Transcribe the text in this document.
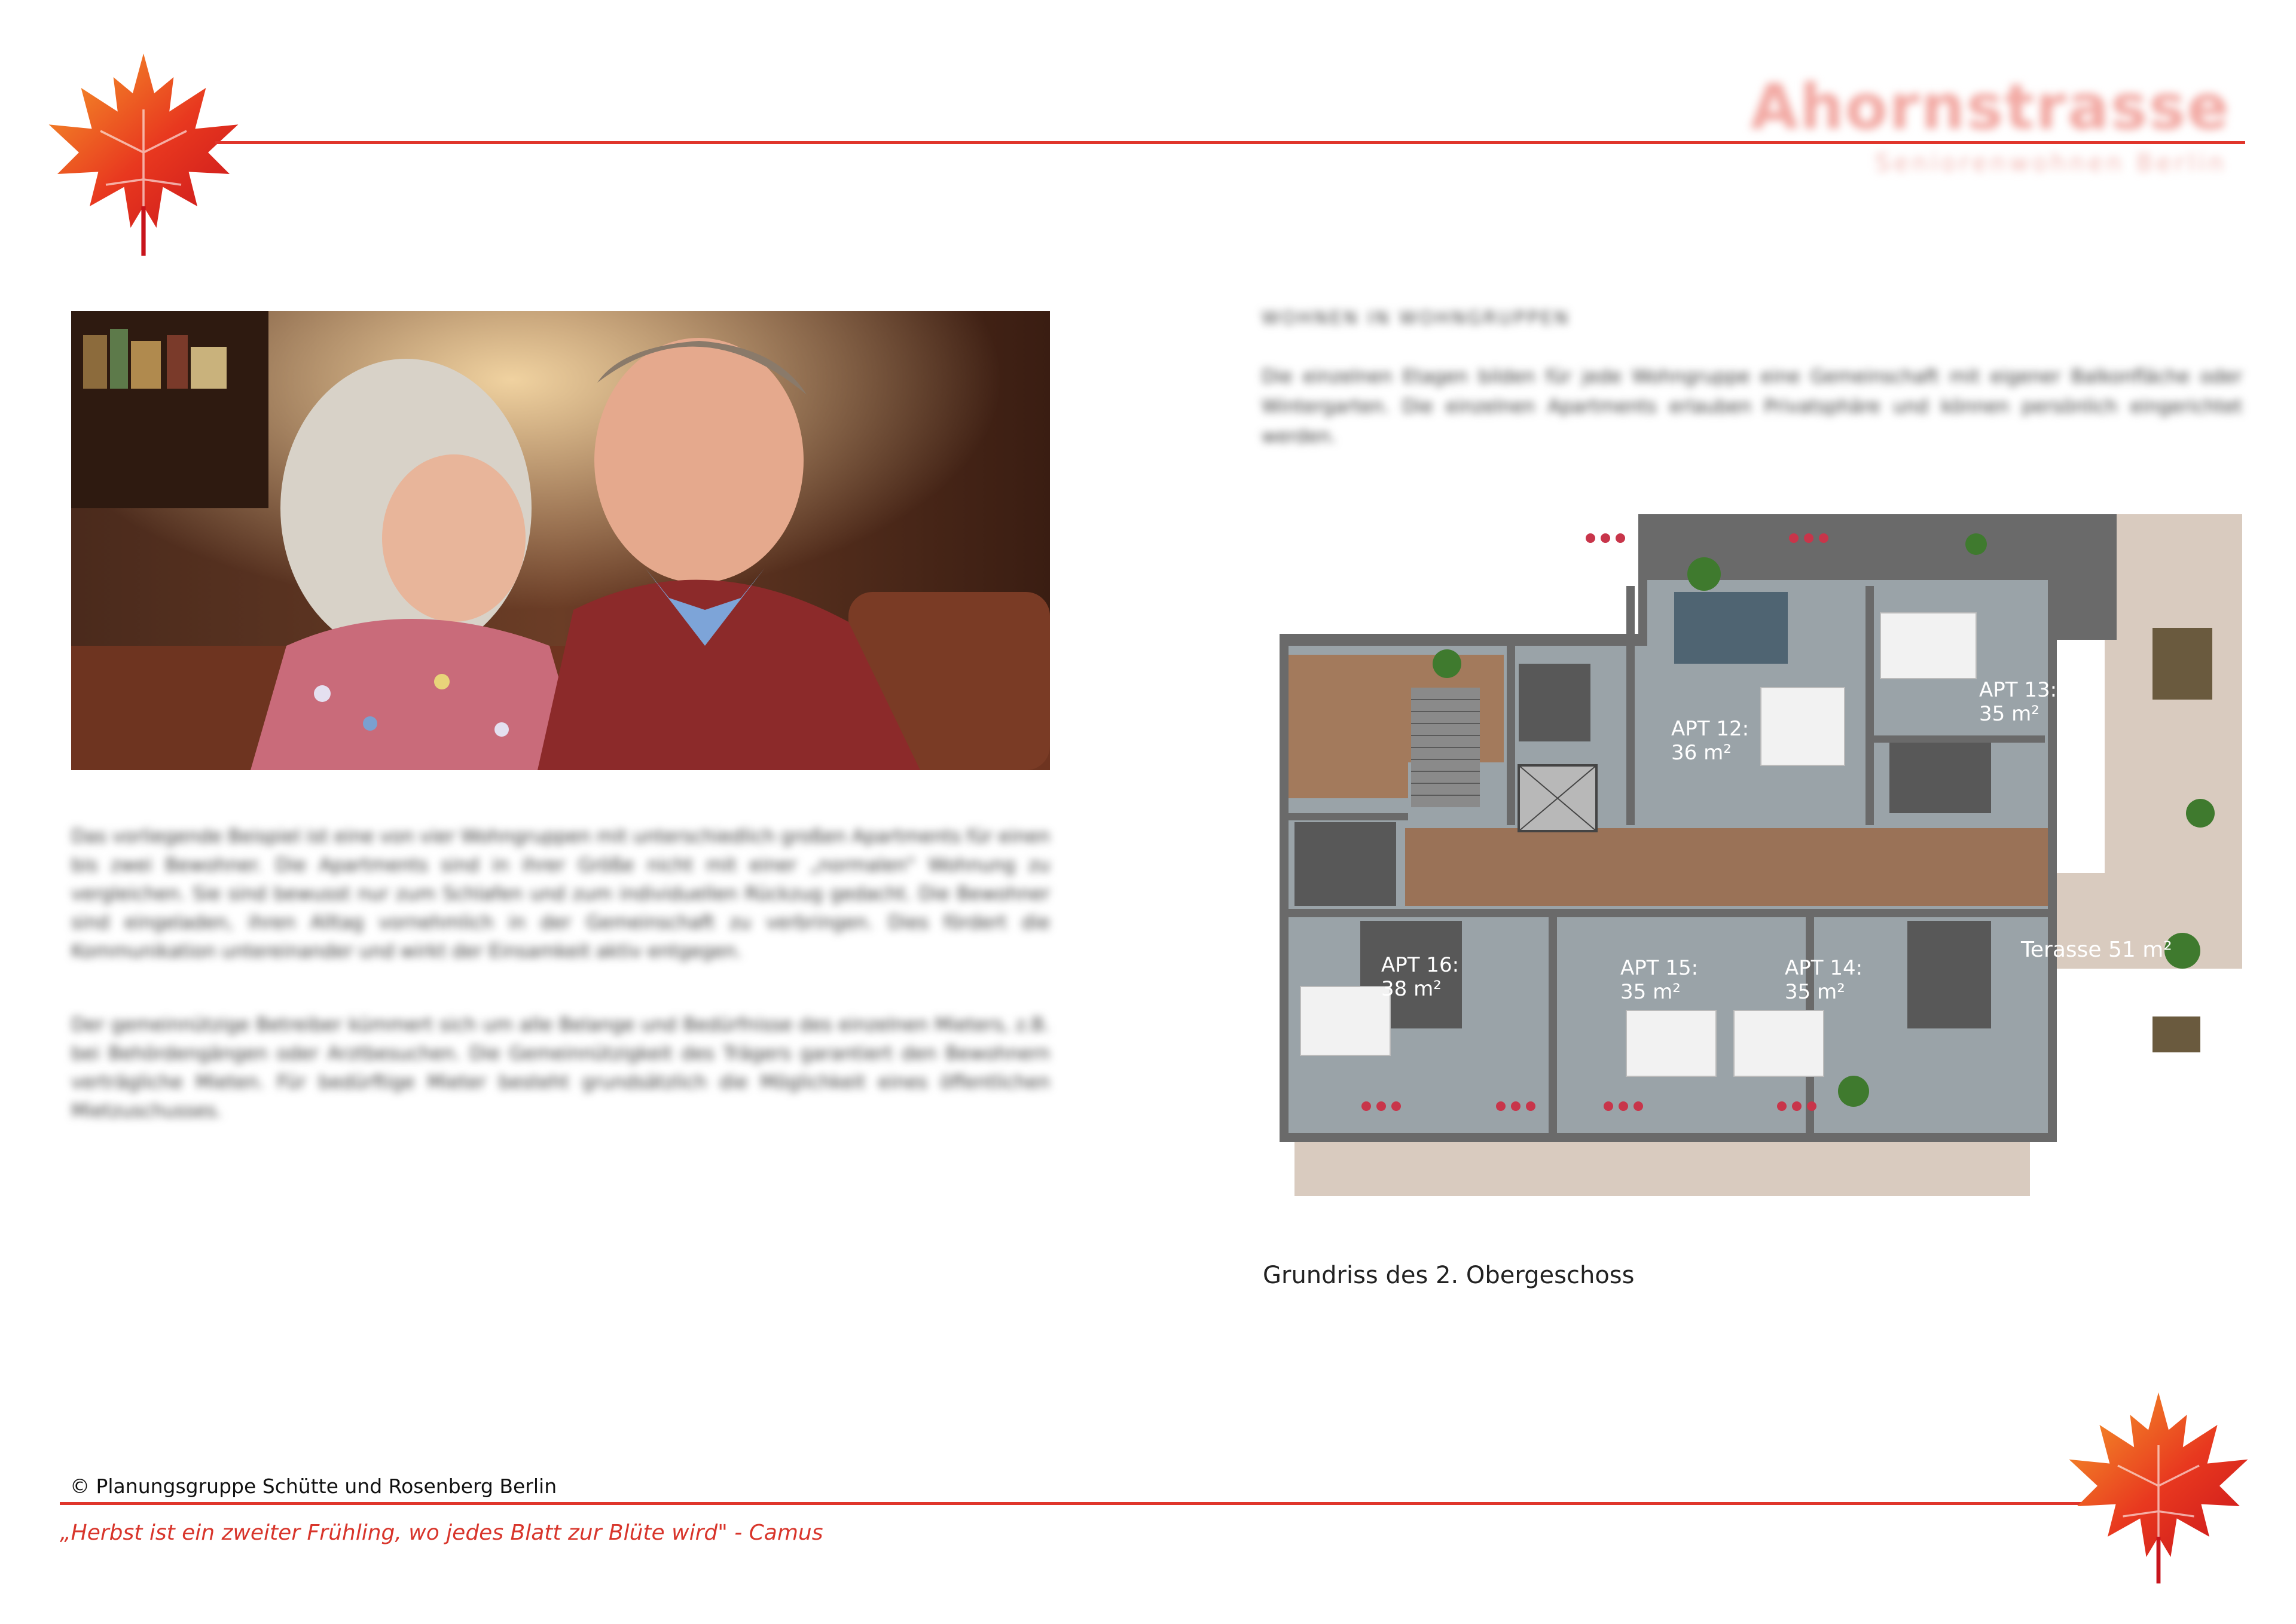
Ahornstrasse
Seniorenwohnen Berlin
Das vorliegende Beispiel ist eine von vier Wohngruppen mit unterschiedlich großen Apartments für einen bis zwei Bewohner. Die Apartments sind in ihrer Größe nicht mit einer „normalen" Wohnung zu vergleichen. Sie sind bewusst nur zum Schlafen und zum individuellen Rückzug gedacht. Die Bewohner sind eingeladen, ihren Alltag vornehmlich in der Gemeinschaft zu verbringen. Dies fördert die Kommunikation untereinander und wirkt der Einsamkeit aktiv entgegen.
Der gemeinnützige Betreiber kümmert sich um alle Belange und Bedürfnisse des einzelnen Mieters, z.B. bei Behördengängen oder Arztbesuchen. Die Gemeinnützigkeit des Trägers garantiert den Bewohnern verträgliche Mieten. Für bedürftige Mieter besteht grundsätzlich die Möglichkeit eines öffentlichen Mietzuschusses.
WOHNEN IN WOHNGRUPPEN
Die einzelnen Etagen bilden für jede Wohngruppe eine Gemeinschaft mit eigener Balkonfläche oder Wintergarten. Die einzelnen Apartments erlauben Privatsphäre und können persönlich eingerichtet werden.
APT 12:
36 m²
APT 13:
35 m²
APT 14:
35 m²
APT 15:
35 m²
APT 16:
38 m²
Terasse 51 m²
Grundriss des 2. Obergeschoss
© Planungsgruppe Schütte und Rosenberg Berlin
„Herbst ist ein zweiter Frühling, wo jedes Blatt zur Blüte wird" - Camus
